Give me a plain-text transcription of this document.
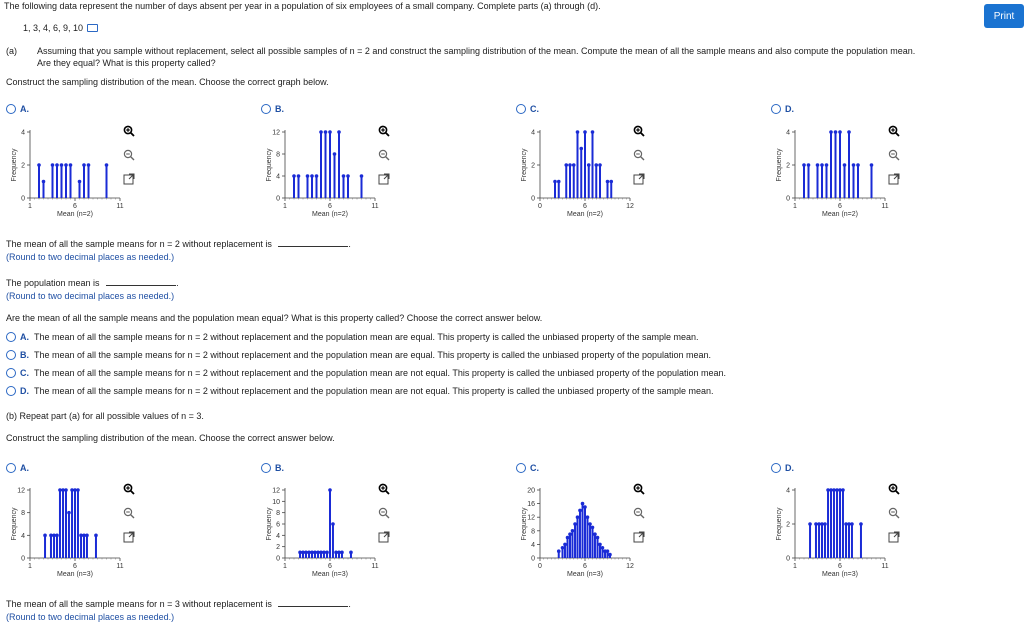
The following data represent the number of days absent per year in a population of six employees of a small company. Complete parts (a) through (d).
1, 3, 4, 6, 9, 10
Print
(a) Assuming that you sample without replacement, select all possible samples of n = 2 and construct the sampling distribution of the mean. Compute the mean of all the sample means and also compute the population mean.
Are they equal? What is this property called?
Construct the sampling distribution of the mean. Choose the correct graph below.
A.	B.	C.	D.
0
2
4
1	6	11
Mean (n=2)
Frequency
0
4
8
12
1	6	11
Mean (n=2)
Frequency
0
2
4
0	6	12
Mean (n=2)
Frequency
0
2
4
1	6	11
Mean (n=2)
Frequency
The mean of all the sample means for n = 2 without replacement is	.
(Round to two decimal places as needed.)
The population mean is	.
(Round to two decimal places as needed.)
Are the mean of all the sample means and the population mean equal? What is this property called? Choose the correct answer below.
A. The mean of all the sample means for n = 2 without replacement and the population mean are equal. This property is called the unbiased property of the sample mean.
B. The mean of all the sample means for n = 2 without replacement and the population mean are equal. This property is called the unbiased property of the population mean.
C. The mean of all the sample means for n = 2 without replacement and the population mean are not equal. This property is called the unbiased property of the population mean.
D. The mean of all the sample means for n = 2 without replacement and the population mean are not equal. This property is called the unbiased property of the sample mean.
(b) Repeat part (a) for all possible values of n = 3.
Construct the sampling distribution of the mean. Choose the correct answer below.
A.	B.	C.	D.
0
4
8
12
1	6	11
Mean (n=3)
Frequency
0
2
4
6
8
10
12
1	6	11
Mean (n=3)
Frequency
0
4
8
12
16
20
0	6	12
Mean (n=3)
Frequency
0
2
4
1	6	11
Mean (n=3)
Frequency
The mean of all the sample means for n = 3 without replacement is	.
(Round to two decimal places as needed.)
